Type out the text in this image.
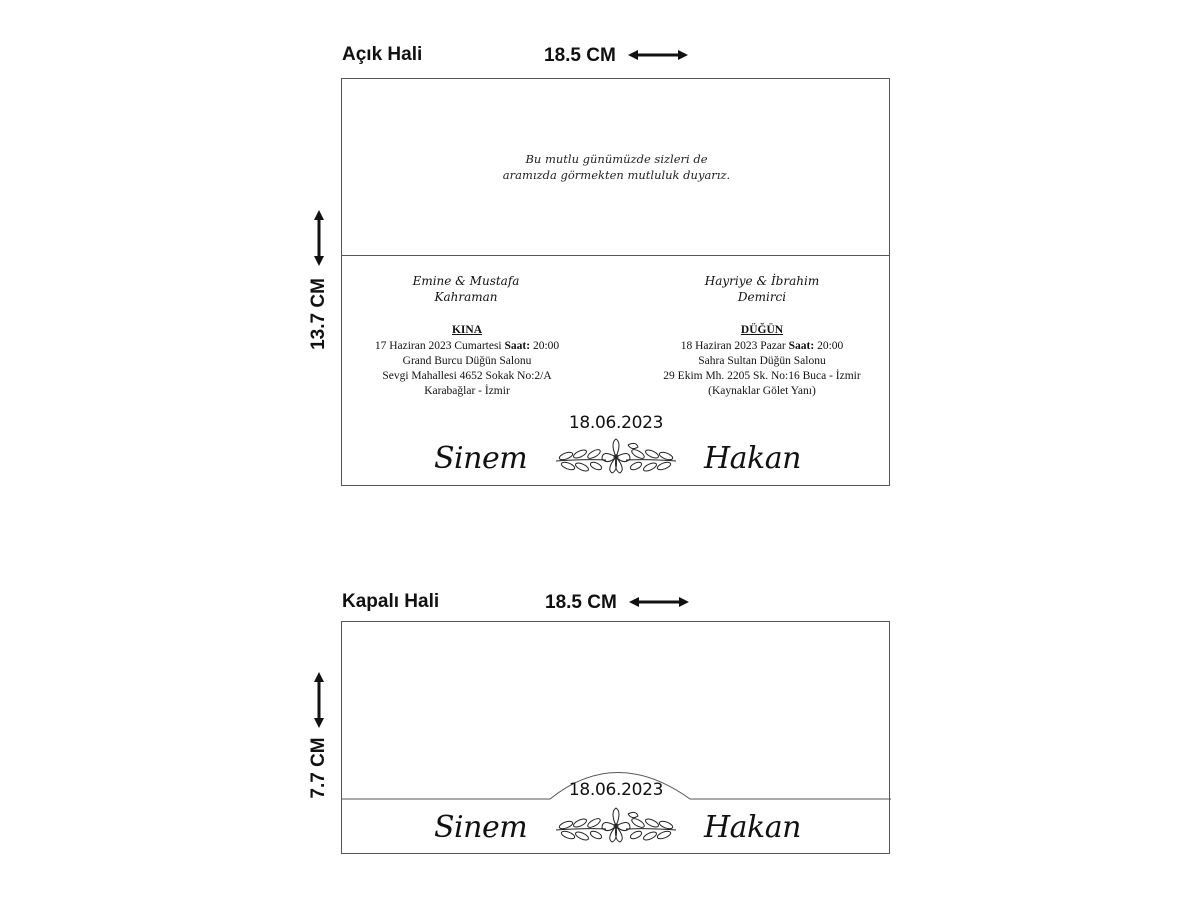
Açık Hali	18.5 CM
13.7 CM
Bu mutlu günümüzde sizleri de
aramızda görmekten mutluluk duyarız.
Emine & Mustafa
Kahraman
Hayriye & İbrahim
Demirci
KINA
17 Haziran 2023 Cumartesi Saat: 20:00
Grand Burcu Düğün Salonu
Sevgi Mahallesi 4652 Sokak No:2/A
Karabağlar - İzmir
DÜĞÜN
18 Haziran 2023 Pazar Saat: 20:00
Sahra Sultan Düğün Salonu
29 Ekim Mh. 2205 Sk. No:16 Buca - İzmir
(Kaynaklar Gölet Yanı)
18.06.2023
Sinem	Hakan
Kapalı Hali	18.5 CM
7.7 CM	18.06.2023
Sinem	Hakan
